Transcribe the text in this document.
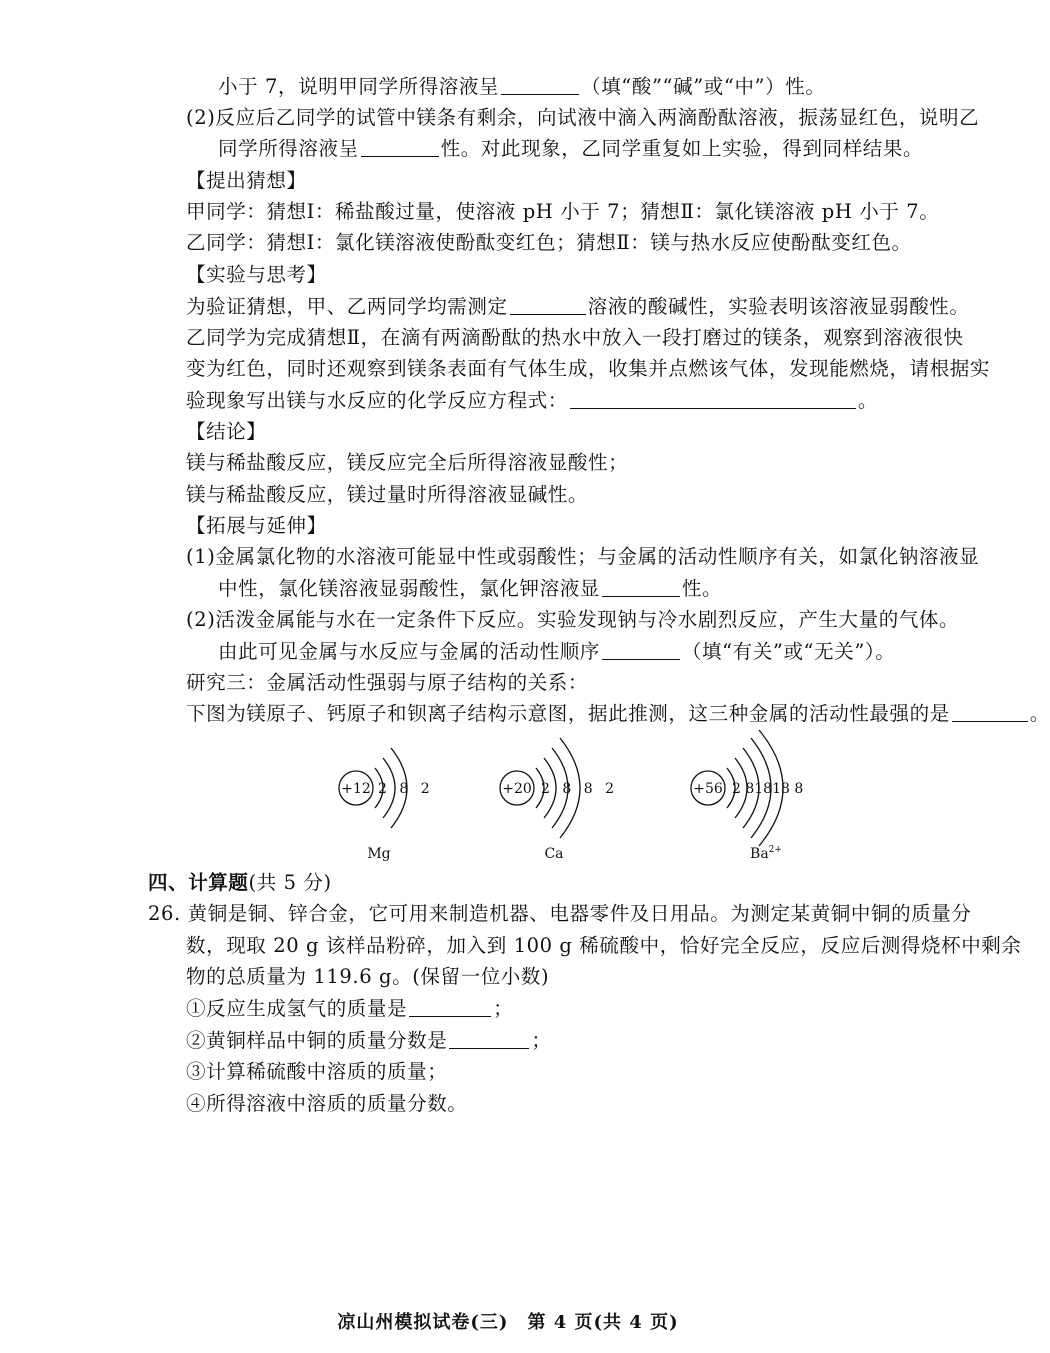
小于 7，说明甲同学所得溶液呈	（填“酸”“碱”或“中”）性。
(2)反应后乙同学的试管中镁条有剩余，向试液中滴入两滴酚酞溶液，振荡显红色，说明乙
同学所得溶液呈	性。对此现象，乙同学重复如上实验，得到同样结果。
【提出猜想】
甲同学：猜想Ⅰ：稀盐酸过量，使溶液 pH 小于 7；猜想Ⅱ：氯化镁溶液 pH 小于 7。
乙同学：猜想Ⅰ：氯化镁溶液使酚酞变红色；猜想Ⅱ：镁与热水反应使酚酞变红色。
【实验与思考】
为验证猜想，甲、乙两同学均需测定	溶液的酸碱性，实验表明该溶液显弱酸性。
乙同学为完成猜想Ⅱ，在滴有两滴酚酞的热水中放入一段打磨过的镁条，观察到溶液很快
变为红色，同时还观察到镁条表面有气体生成，收集并点燃该气体，发现能燃烧，请根据实
验现象写出镁与水反应的化学反应方程式：	。
【结论】
镁与稀盐酸反应，镁反应完全后所得溶液显酸性；
镁与稀盐酸反应，镁过量时所得溶液显碱性。
【拓展与延伸】
(1)金属氯化物的水溶液可能显中性或弱酸性；与金属的活动性顺序有关，如氯化钠溶液显
中性，氯化镁溶液显弱酸性，氯化钾溶液显	性。
(2)活泼金属能与水在一定条件下反应。实验发现钠与冷水剧烈反应，产生大量的气体。
由此可见金属与水反应与金属的活动性顺序	（填“有关”或“无关”）。
研究三：金属活动性强弱与原子结构的关系：
下图为镁原子、钙原子和钡离子结构示意图，据此推测，这三种金属的活动性最强的是	。
+12 2 8 2	+20 2 8 8 2	+56 2 81818 8
Mg	Ca	$Ba^{2+}$
四、计算题(共 5 分)
26. 黄铜是铜、锌合金，它可用来制造机器、电器零件及日用品。为测定某黄铜中铜的质量分
数，现取 20 g 该样品粉碎，加入到 100 g 稀硫酸中，恰好完全反应，反应后测得烧杯中剩余
物的总质量为 119.6 g。(保留一位小数)
①反应生成氢气的质量是	；
②黄铜样品中铜的质量分数是	；
③计算稀硫酸中溶质的质量；
④所得溶液中溶质的质量分数。
凉山州模拟试卷(三)　第 4 页(共 4 页)
